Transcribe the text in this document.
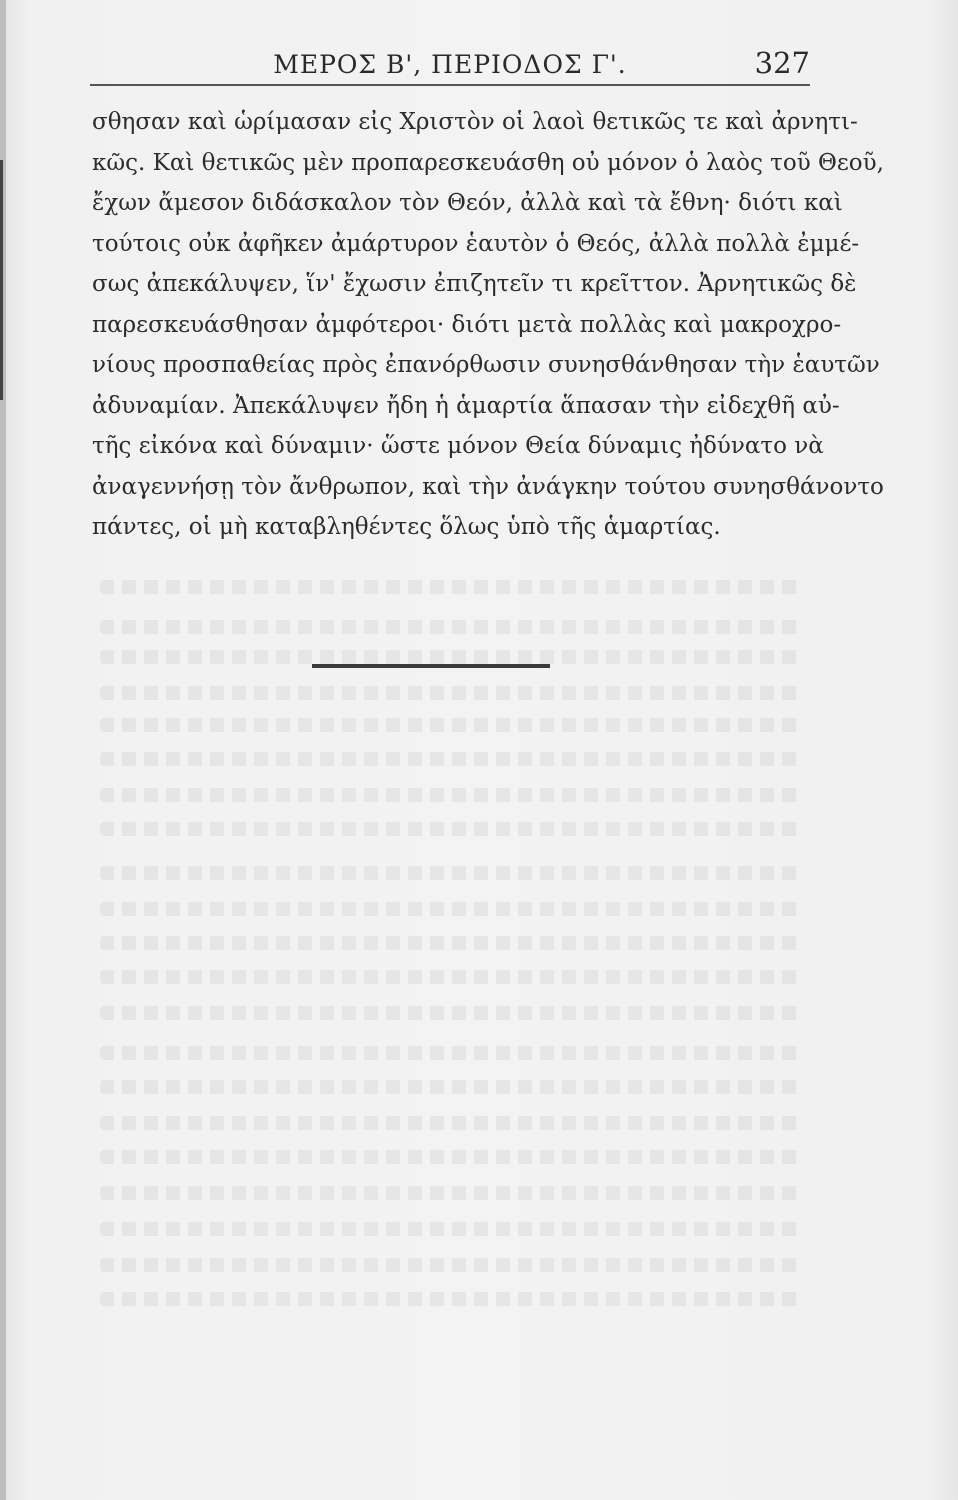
ΜΕΡΟΣ Β', ΠΕΡΙΟΔΟΣ Γ'.	327
σθησαν καὶ ὡρίμασαν εἰς Χριστὸν οἱ λαοὶ θετικῶς τε καὶ ἀρνητι-
κῶς. Καὶ θετικῶς μὲν προπαρεσκευάσθη οὐ μόνον ὁ λαὸς τοῦ Θεοῦ,
ἔχων ἄμεσον διδάσκαλον τὸν Θεόν, ἀλλὰ καὶ τὰ ἔθνη· διότι καὶ
τούτοις οὐκ ἀφῆκεν ἀμάρτυρον ἑαυτὸν ὁ Θεός, ἀλλὰ πολλὰ ἐμμέ-
σως ἀπεκάλυψεν, ἵν' ἔχωσιν ἐπιζητεῖν τι κρεῖττον. Ἀρνητικῶς δὲ
παρεσκευάσθησαν ἀμφότεροι· διότι μετὰ πολλὰς καὶ μακροχρο-
νίους προσπαθείας πρὸς ἐπανόρθωσιν συνησθάνθησαν τὴν ἑαυτῶν
ἀδυναμίαν. Ἀπεκάλυψεν ἤδη ἡ ἁμαρτία ἅπασαν τὴν εἰδεχθῆ αὐ-
τῆς εἰκόνα καὶ δύναμιν· ὥστε μόνον Θεία δύναμις ἠδύνατο νὰ
ἀναγεννήσῃ τὸν ἄνθρωπον, καὶ τὴν ἀνάγκην τούτου συνησθάνοντο
πάντες, οἱ μὴ καταβληθέντες ὅλως ὑπὸ τῆς ἁμαρτίας.
